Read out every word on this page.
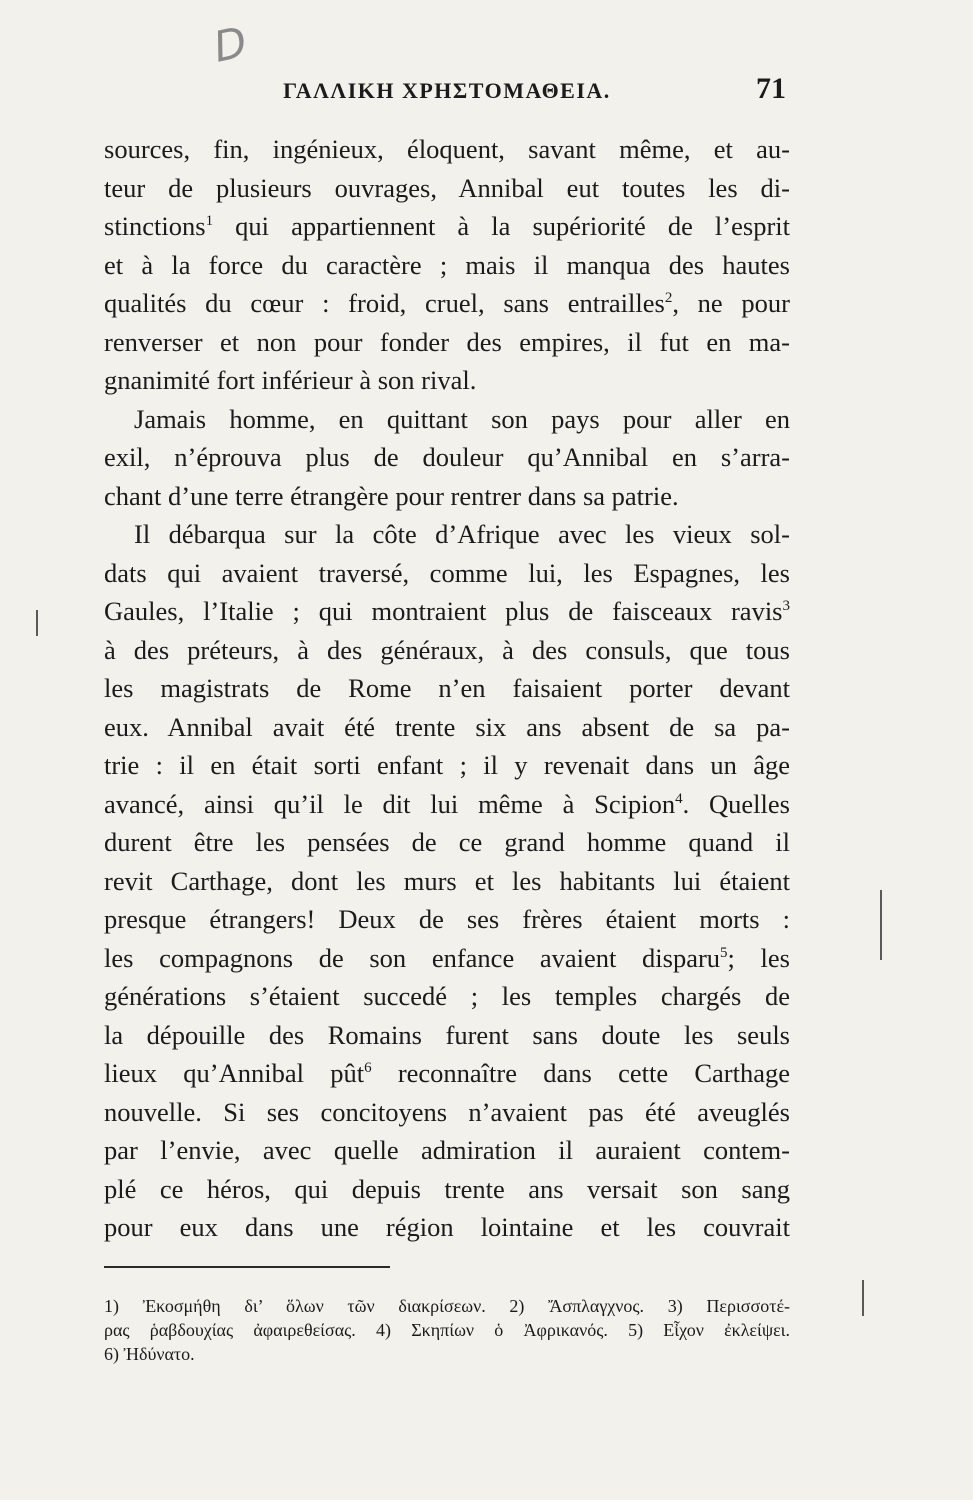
D
ΓΑΛΛΙΚΗ ΧΡΗΣΤΟΜΑΘΕΙΑ.	71
sources, fin, ingénieux, éloquent, savant même, et au-
teur de plusieurs ouvrages, Annibal eut toutes les di-
stinctions$^1$ qui appartiennent à la supériorité de l’esprit
et à la force du caractère ; mais il manqua des hautes
qualités du cœur : froid, cruel, sans entrailles$^2$, ne pour
renverser et non pour fonder des empires, il fut en ma-
gnanimité fort inférieur à son rival.
Jamais homme, en quittant son pays pour aller en
exil, n’éprouva plus de douleur qu’Annibal en s’arra-
chant d’une terre étrangère pour rentrer dans sa patrie.
Il débarqua sur la côte d’Afrique avec les vieux sol-
dats qui avaient traversé, comme lui, les Espagnes, les
Gaules, l’Italie ; qui montraient plus de faisceaux ravis$^3$
à des préteurs, à des généraux, à des consuls, que tous
les magistrats de Rome n’en faisaient porter devant
eux. Annibal avait été trente six ans absent de sa pa-
trie : il en était sorti enfant ; il y revenait dans un âge
avancé, ainsi qu’il le dit lui même à Scipion$^4$. Quelles
durent être les pensées de ce grand homme quand il
revit Carthage, dont les murs et les habitants lui étaient
presque étrangers! Deux de ses frères étaient morts :
les compagnons de son enfance avaient disparu$^5$; les
générations s’étaient succedé ; les temples chargés de
la dépouille des Romains furent sans doute les seuls
lieux qu’Annibal pût$^6$ reconnaître dans cette Carthage
nouvelle. Si ses concitoyens n’avaient pas été aveuglés
par l’envie, avec quelle admiration il auraient contem-
plé ce héros, qui depuis trente ans versait son sang
pour eux dans une région lointaine et les couvrait
1) Ἐκοσμήθη δι’ ὅλων τῶν διακρίσεων. 2) Ἄσπλαγχνος. 3) Περισσοτέ-
ρας ῥαβδουχίας ἀφαιρεθείσας. 4) Σκηπίων ὁ Ἀφρικανός. 5) Εἶχον ἐκλείψει.
6) Ἠδύνατο.
